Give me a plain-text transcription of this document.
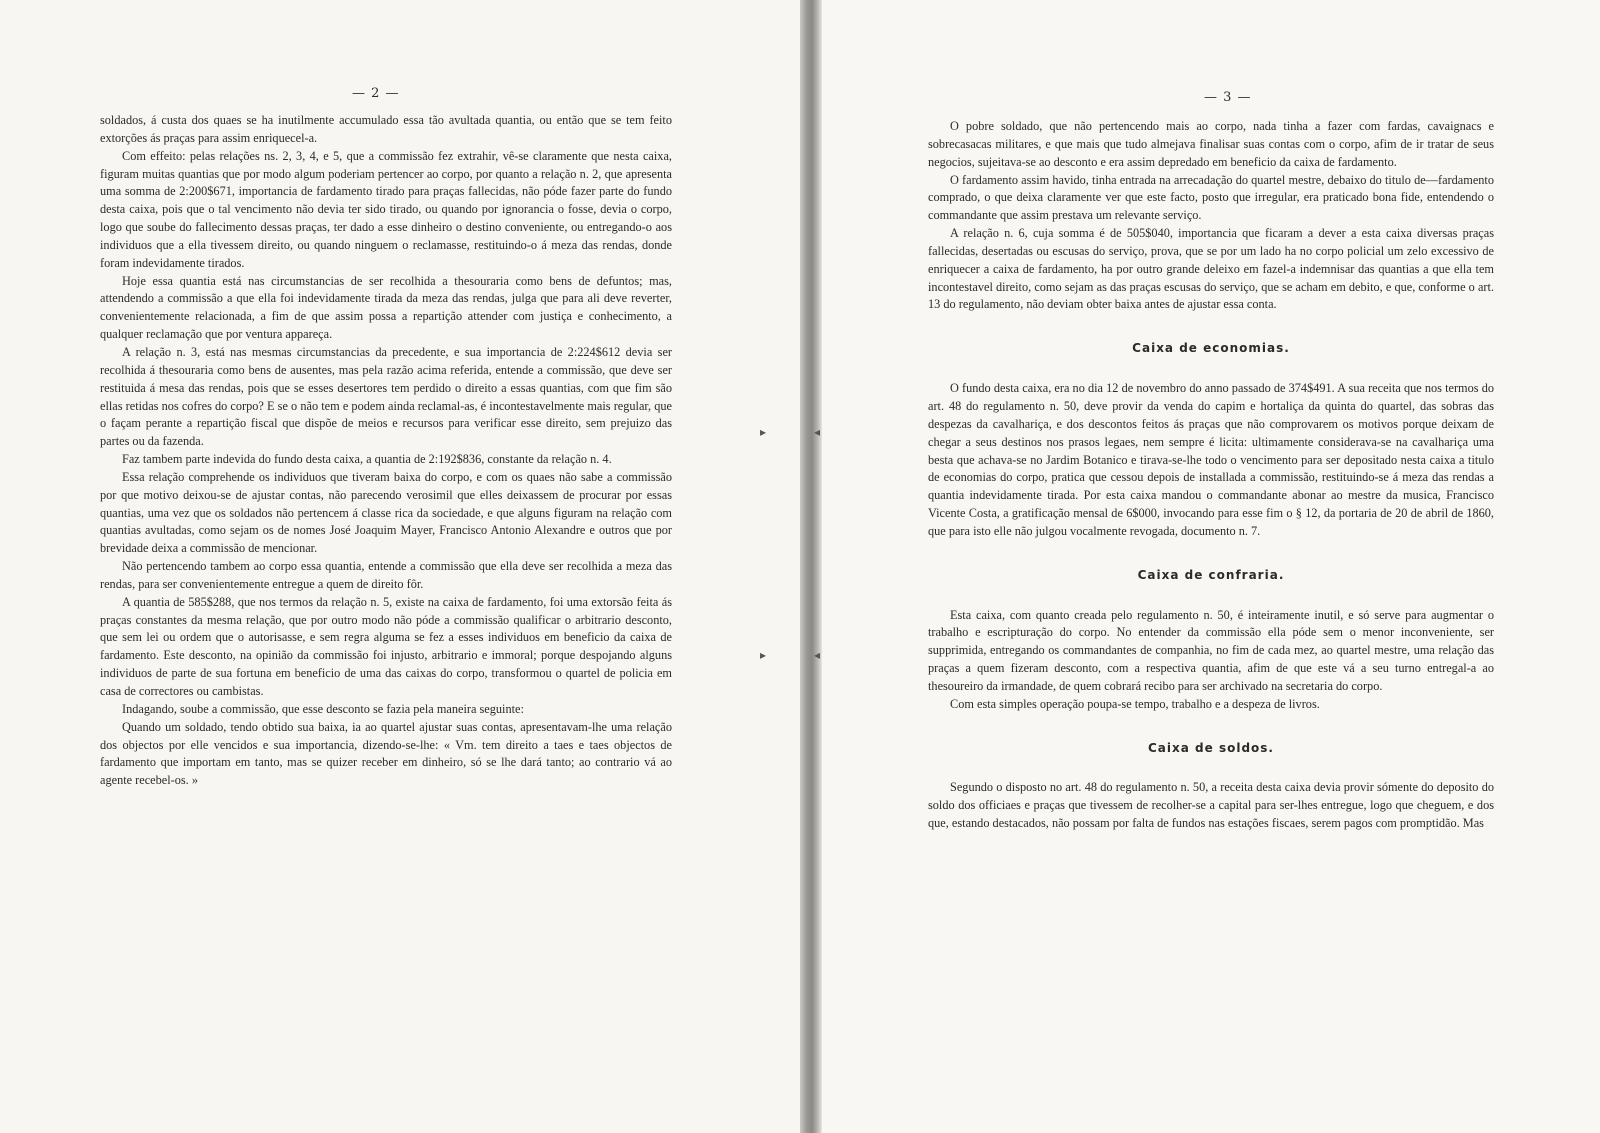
— 2 —

soldados, á custa dos quaes se ha inutilmente accumulado essa tão avultada quantia, ou então que se tem feito extorções ás praças para assim enriquecel-a.

Com effeito: pelas relações ns. 2, 3, 4, e 5, que a commissão fez extrahir, vê-se claramente que nesta caixa, figuram muitas quantias que por modo algum poderiam pertencer ao corpo, por quanto a relação n. 2, que apresenta uma somma de 2:200$671, importancia de fardamento tirado para praças fallecidas, não póde fazer parte do fundo desta caixa, pois que o tal vencimento não devia ter sido tirado, ou quando por ignorancia o fosse, devia o corpo, logo que soube do fallecimento dessas praças, ter dado a esse dinheiro o destino conveniente, ou entregando-o aos individuos que a ella tivessem direito, ou quando ninguem o reclamasse, restituindo-o á meza das rendas, donde foram indevidamente tirados.

Hoje essa quantia está nas circumstancias de ser recolhida a thesouraria como bens de defuntos; mas, attendendo a commissão a que ella foi indevidamente tirada da meza das rendas, julga que para ali deve reverter, convenientemente relacionada, a fim de que assim possa a repartição attender com justiça e conhecimento, a qualquer reclamação que por ventura appareça.

A relação n. 3, está nas mesmas circumstancias da precedente, e sua importancia de 2:224$612 devia ser recolhida á thesouraria como bens de ausentes, mas pela razão acima referida, entende a commissão, que deve ser restituida á mesa das rendas, pois que se esses desertores tem perdido o direito a essas quantias, com que fim são ellas retidas nos cofres do corpo? E se o não tem e podem ainda reclamal-as, é incontestavelmente mais regular, que o façam perante a repartição fiscal que dispõe de meios e recursos para verificar esse direito, sem prejuizo das partes ou da fazenda.

Faz tambem parte indevida do fundo desta caixa, a quantia de 2:192$836, constante da relação n. 4.

Essa relação comprehende os individuos que tiveram baixa do corpo, e com os quaes não sabe a commissão por que motivo deixou-se de ajustar contas, não parecendo verosimil que elles deixassem de procurar por essas quantias, uma vez que os soldados não pertencem á classe rica da sociedade, e que alguns figuram na relação com quantias avultadas, como sejam os de nomes José Joaquim Mayer, Francisco Antonio Alexandre e outros que por brevidade deixa a commissão de mencionar.

Não pertencendo tambem ao corpo essa quantia, entende a commissão que ella deve ser recolhida a meza das rendas, para ser convenientemente entregue a quem de direito fôr.

A quantia de 585$288, que nos termos da relação n. 5, existe na caixa de fardamento, foi uma extorsão feita ás praças constantes da mesma relação, que por outro modo não póde a commissão qualificar o arbitrario desconto, que sem lei ou ordem que o autorisasse, e sem regra alguma se fez a esses individuos em beneficio da caixa de fardamento. Este desconto, na opinião da commissão foi injusto, arbitrario e immoral; porque despojando alguns individuos de parte de sua fortuna em beneficio de uma das caixas do corpo, transformou o quartel de policia em casa de correctores ou cambistas.

Indagando, soube a commissão, que esse desconto se fazia pela maneira seguinte:

Quando um soldado, tendo obtido sua baixa, ia ao quartel ajustar suas contas, apresentavam-lhe uma relação dos objectos por elle vencidos e sua importancia, dizendo-se-lhe: « Vm. tem direito a taes e taes objectos de fardamento que importam em tanto, mas se quizer receber em dinheiro, só se lhe dará tanto; ao contrario vá ao agente recebel-os. »

▸
▸
— 3 —

O pobre soldado, que não pertencendo mais ao corpo, nada tinha a fazer com fardas, cavaignacs e sobrecasacas militares, e que mais que tudo almejava finalisar suas contas com o corpo, afim de ir tratar de seus negocios, sujeitava-se ao desconto e era assim depredado em beneficio da caixa de fardamento.

O fardamento assim havido, tinha entrada na arrecadação do quartel mestre, debaixo do titulo de—fardamento comprado, o que deixa claramente ver que este facto, posto que irregular, era praticado bona fide, entendendo o commandante que assim prestava um relevante serviço.

A relação n. 6, cuja somma é de 505$040, importancia que ficaram a dever a esta caixa diversas praças fallecidas, desertadas ou escusas do serviço, prova, que se por um lado ha no corpo policial um zelo excessivo de enriquecer a caixa de fardamento, ha por outro grande deleixo em fazel-a indemnisar das quantias a que ella tem incontestavel direito, como sejam as das praças escusas do serviço, que se acham em debito, e que, conforme o art. 13 do regulamento, não deviam obter baixa antes de ajustar essa conta.

Caixa de economias.

O fundo desta caixa, era no dia 12 de novembro do anno passado de 374$491. A sua receita que nos termos do art. 48 do regulamento n. 50, deve provir da venda do capim e hortaliça da quinta do quartel, das sobras das despezas da cavalhariça, e dos descontos feitos ás praças que não comprovarem os motivos porque deixam de chegar a seus destinos nos prasos legaes, nem sempre é licita: ultimamente considerava-se na cavalhariça uma besta que achava-se no Jardim Botanico e tirava-se-lhe todo o vencimento para ser depositado nesta caixa a titulo de economias do corpo, pratica que cessou depois de installada a commissão, restituindo-se á meza das rendas a quantia indevidamente tirada. Por esta caixa mandou o commandante abonar ao mestre da musica, Francisco Vicente Costa, a gratificação mensal de 6$000, invocando para esse fim o § 12, da portaria de 20 de abril de 1860, que para isto elle não julgou vocalmente revogada, documento n. 7.

Caixa de confraria.

Esta caixa, com quanto creada pelo regulamento n. 50, é inteiramente inutil, e só serve para augmentar o trabalho e escripturação do corpo. No entender da commissão ella póde sem o menor inconveniente, ser supprimida, entregando os commandantes de companhia, no fim de cada mez, ao quartel mestre, uma relação das praças a quem fizeram desconto, com a respectiva quantia, afim de que este vá a seu turno entregal-a ao thesoureiro da irmandade, de quem cobrará recibo para ser archivado na secretaria do corpo.

Com esta simples operação poupa-se tempo, trabalho e a despeza de livros.

Caixa de soldos.

Segundo o disposto no art. 48 do regulamento n. 50, a receita desta caixa devia provir sómente do deposito do soldo dos officiaes e praças que tivessem de recolher-se a capital para ser-lhes entregue, logo que cheguem, e dos que, estando destacados, não possam por falta de fundos nas estações fiscaes, serem pagos com promptidão. Mas

◂
◂
